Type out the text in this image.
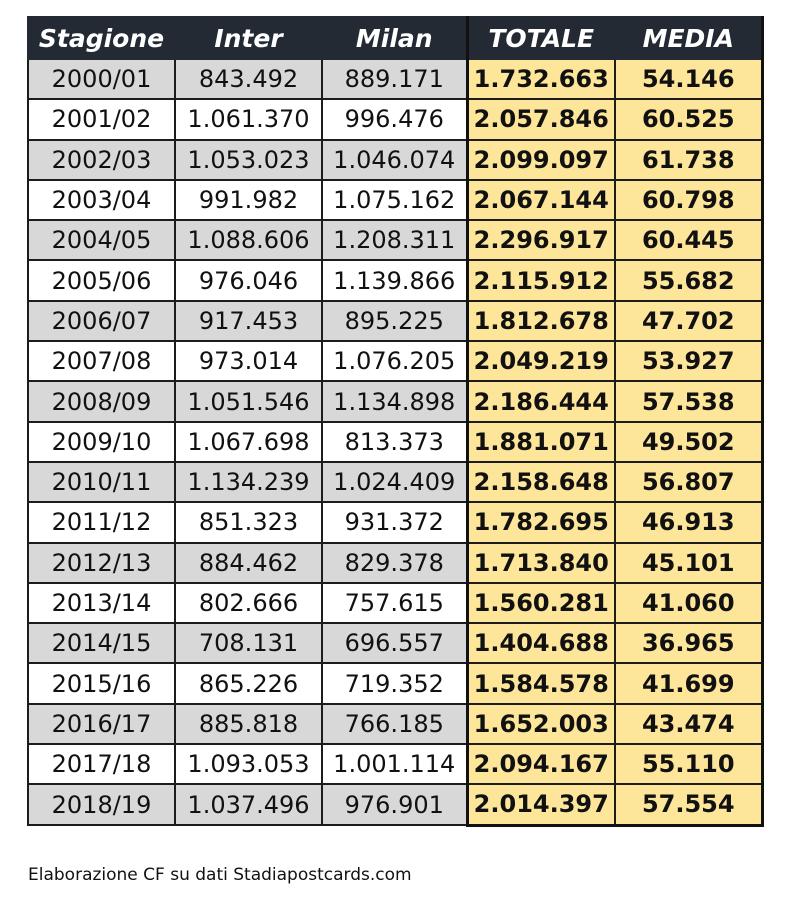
Stagione	Inter	Milan	TOTALE	MEDIA
2000/01	843.492	889.171	1.732.663	54.146
2001/02	1.061.370	996.476	2.057.846	60.525
2002/03	1.053.023	1.046.074	2.099.097	61.738
2003/04	991.982	1.075.162	2.067.144	60.798
2004/05	1.088.606	1.208.311	2.296.917	60.445
2005/06	976.046	1.139.866	2.115.912	55.682
2006/07	917.453	895.225	1.812.678	47.702
2007/08	973.014	1.076.205	2.049.219	53.927
2008/09	1.051.546	1.134.898	2.186.444	57.538
2009/10	1.067.698	813.373	1.881.071	49.502
2010/11	1.134.239	1.024.409	2.158.648	56.807
2011/12	851.323	931.372	1.782.695	46.913
2012/13	884.462	829.378	1.713.840	45.101
2013/14	802.666	757.615	1.560.281	41.060
2014/15	708.131	696.557	1.404.688	36.965
2015/16	865.226	719.352	1.584.578	41.699
2016/17	885.818	766.185	1.652.003	43.474
2017/18	1.093.053	1.001.114	2.094.167	55.110
2018/19	1.037.496	976.901	2.014.397	57.554
Elaborazione CF su dati Stadiapostcards.com
